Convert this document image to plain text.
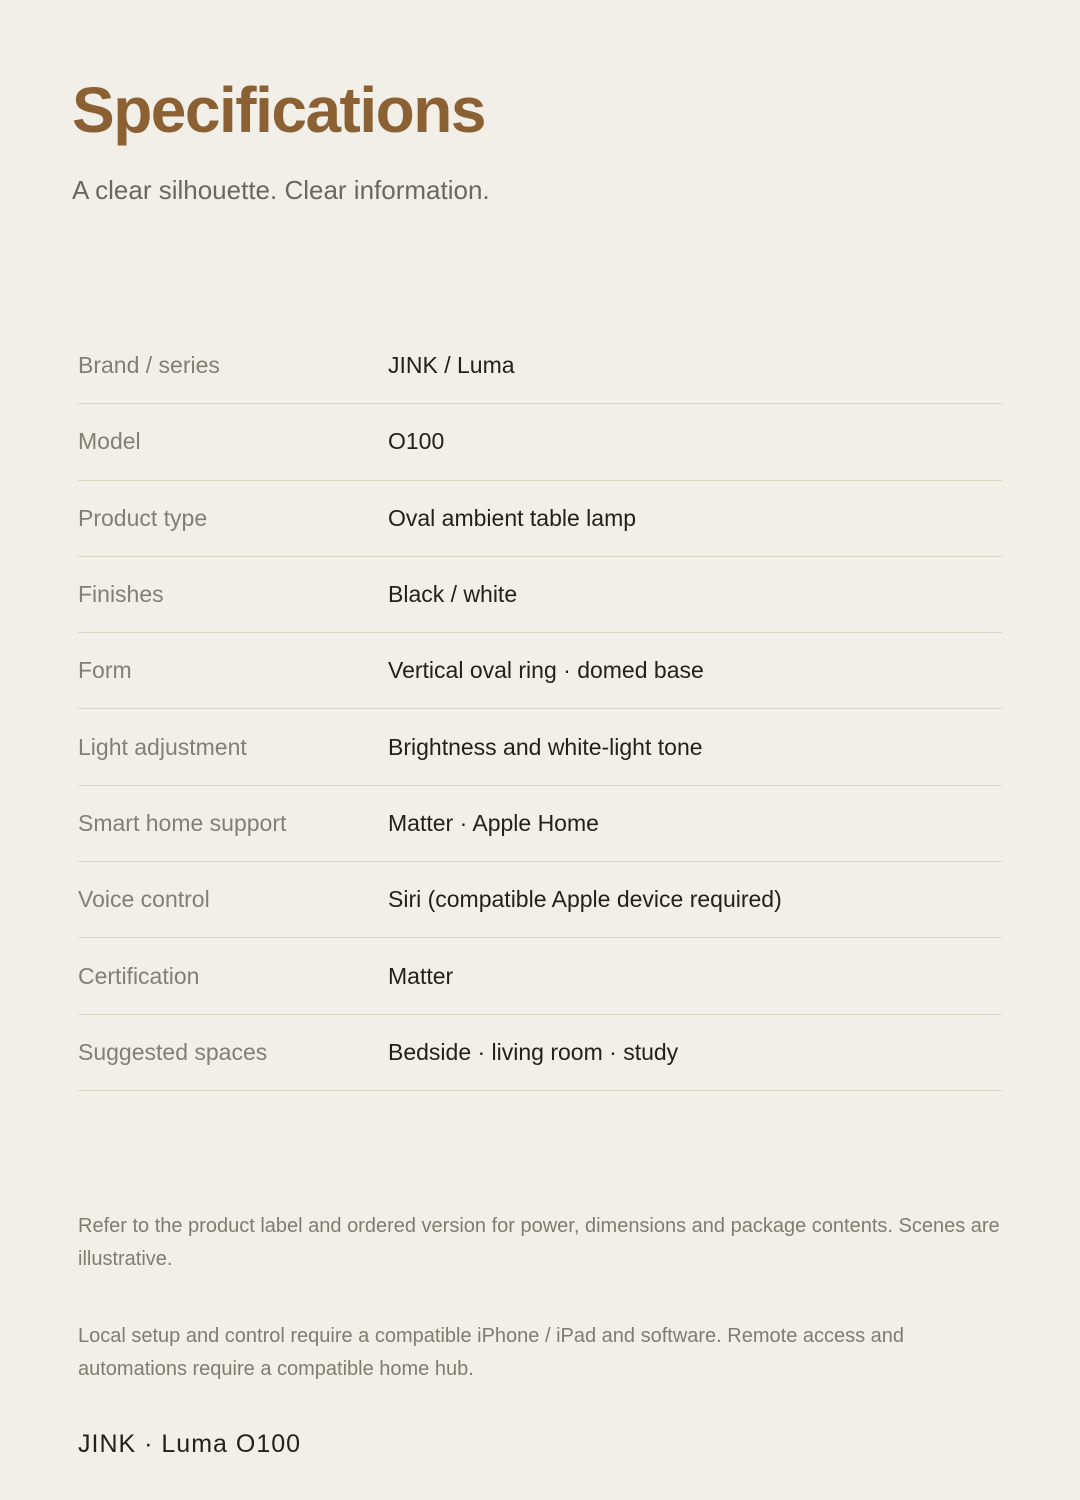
Specifications

A clear silhouette. Clear information.

Brand / series	JINK / Luma
Model	O100
Product type	Oval ambient table lamp
Finishes	Black / white
Form	Vertical oval ring · domed base
Light adjustment	Brightness and white-light tone
Smart home support	Matter · Apple Home
Voice control	Siri (compatible Apple device required)
Certification	Matter
Suggested spaces	Bedside · living room · study

Refer to the product label and ordered version for power, dimensions and package contents. Scenes are illustrative.

Local setup and control require a compatible iPhone / iPad and software. Remote access and automations require a compatible home hub.

JINK · Luma O100
